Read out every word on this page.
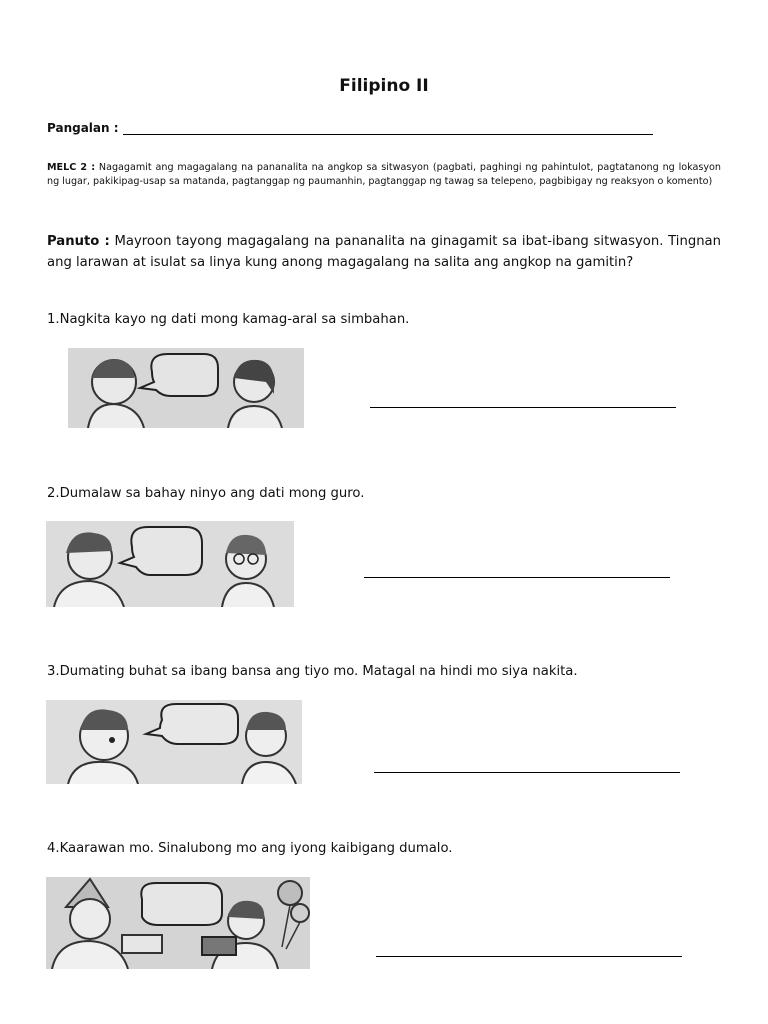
Filipino II
Pangalan :
MELC 2 : Nagagamit ang magagalang na pananalita na angkop sa sitwasyon (pagbati, paghingi ng pahintulot, pagtatanong ng lokasyon ng lugar, pakikipag-usap sa matanda, pagtanggap ng paumanhin, pagtanggap ng tawag sa telepeno, pagbibigay ng reaksyon o komento)
Panuto : Mayroon tayong magagalang na pananalita na ginagamit sa ibat-ibang sitwasyon. Tingnan ang larawan at isulat sa linya kung anong magagalang na salita ang angkop na gamitin?
1.Nagkita kayo ng dati mong kamag-aral sa simbahan.
2.Dumalaw sa bahay ninyo ang dati mong guro.
3.Dumating buhat sa ibang bansa ang tiyo mo. Matagal na hindi mo siya nakita.
4.Kaarawan mo. Sinalubong mo ang iyong kaibigang dumalo.
